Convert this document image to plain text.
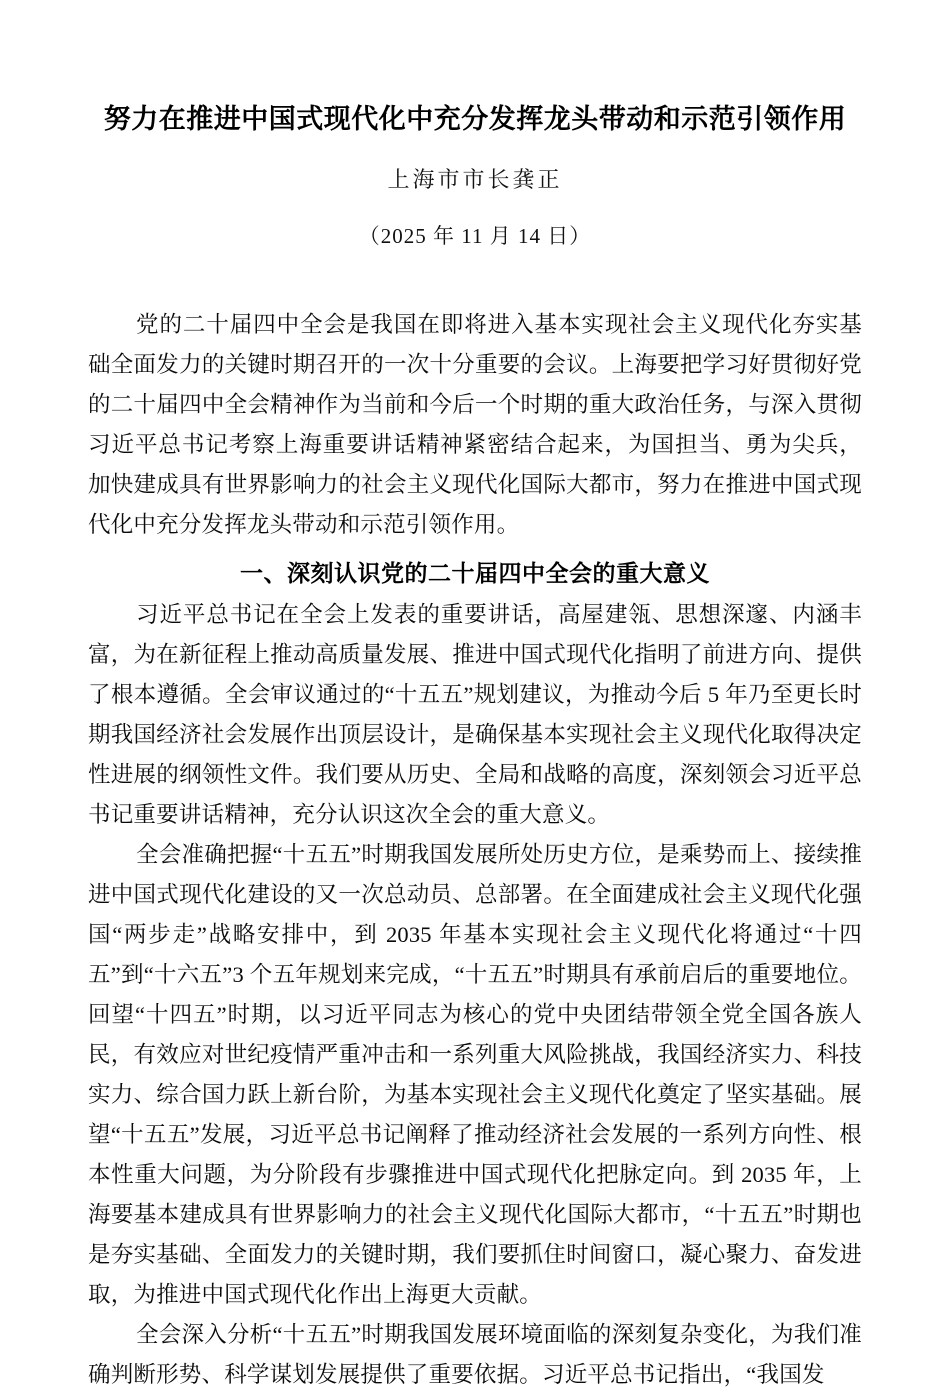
努力在推进中国式现代化中充分发挥龙头带动和示范引领作用
上海市市长龚正
（2025 年 11 月 14 日）

党的二十届四中全会是我国在即将进入基本实现社会主义现代化夯实基础全面发力的关键时期召开的一次十分重要的会议。上海要把学习好贯彻好党的二十届四中全会精神作为当前和今后一个时期的重大政治任务，与深入贯彻习近平总书记考察上海重要讲话精神紧密结合起来，为国担当、勇为尖兵， 加快建成具有世界影响力的社会主义现代化国际大都市，努力在推进中国式现代化中充分发挥龙头带动和示范引领作用。

一、深刻认识党的二十届四中全会的重大意义

习近平总书记在全会上发表的重要讲话，高屋建瓴、思想深邃、内涵丰富，为在新征程上推动高质量发展、推进中国式现代化指明了前进方向、提供了根本遵循。全会审议通过的“十五五”规划建议，为推动今后 5 年乃至更长时期我国经济社会发展作出顶层设计，是确保基本实现社会主义现代化取得决定性进展的纲领性文件。我们要从历史、全局和战略的高度，深刻领会习近平总书记重要讲话精神，充分认识这次全会的重大意义。

全会准确把握“十五五”时期我国发展所处历史方位，是乘势而上、接续推进中国式现代化建设的又一次总动员、总部署。在全面建成社会主义现代化强国“两步走”战略安排中，到 2035 年基本实现社会主义现代化将通过“十四五”到“十六五”3 个五年规划来完成，“十五五”时期具有承前启后的重要地位。回望“十四五”时期，以习近平同志为核心的党中央团结带领全党全国各族人民，有效应对世纪疫情严重冲击和一系列重大风险挑战，我国经济实力、科技实力、综合国力跃上新台阶，为基本实现社会主义现代化奠定了坚实基础。展望“十五五”发展，习近平总书记阐释了推动经济社会发展的一系列方向性、根本性重大问题，为分阶段有步骤推进中国式现代化把脉定向。到 2035 年，上海要基本建成具有世界影响力的社会主义现代化国际大都市，“十五五”时期也是夯实基础、全面发力的关键时期，我们要抓住时间窗口，凝心聚力、奋发进取，为推进中国式现代化作出上海更大贡献。

全会深入分析“十五五”时期我国发展环境面临的深刻复杂变化，为我们准确判断形势、科学谋划发展提供了重要依据。习近平总书记指出，“我国发
